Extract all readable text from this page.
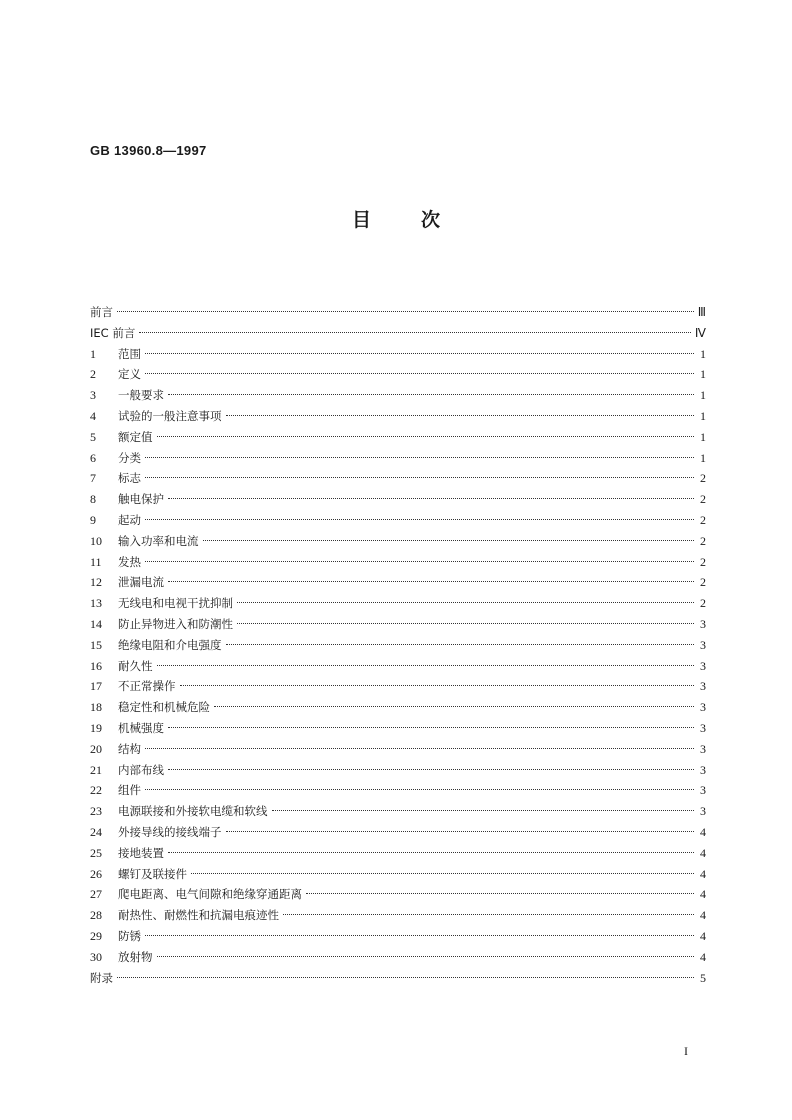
GB 13960.8—1997
目	次
前言	Ⅲ
IEC 前言	Ⅳ
1	范围	1
2	定义	1
3	一般要求	1
4	试验的一般注意事项	1
5	额定值	1
6	分类	1
7	标志	2
8	触电保护	2
9	起动	2
10	输入功率和电流	2
11	发热	2
12	泄漏电流	2
13	无线电和电视干扰抑制	2
14	防止异物进入和防潮性	3
15	绝缘电阻和介电强度	3
16	耐久性	3
17	不正常操作	3
18	稳定性和机械危险	3
19	机械强度	3
20	结构	3
21	内部布线	3
22	组件	3
23	电源联接和外接软电缆和软线	3
24	外接导线的接线端子	4
25	接地装置	4
26	螺钉及联接件	4
27	爬电距离、电气间隙和绝缘穿通距离	4
28	耐热性、耐燃性和抗漏电痕迹性	4
29	防锈	4
30	放射物	4
附录	5
I
